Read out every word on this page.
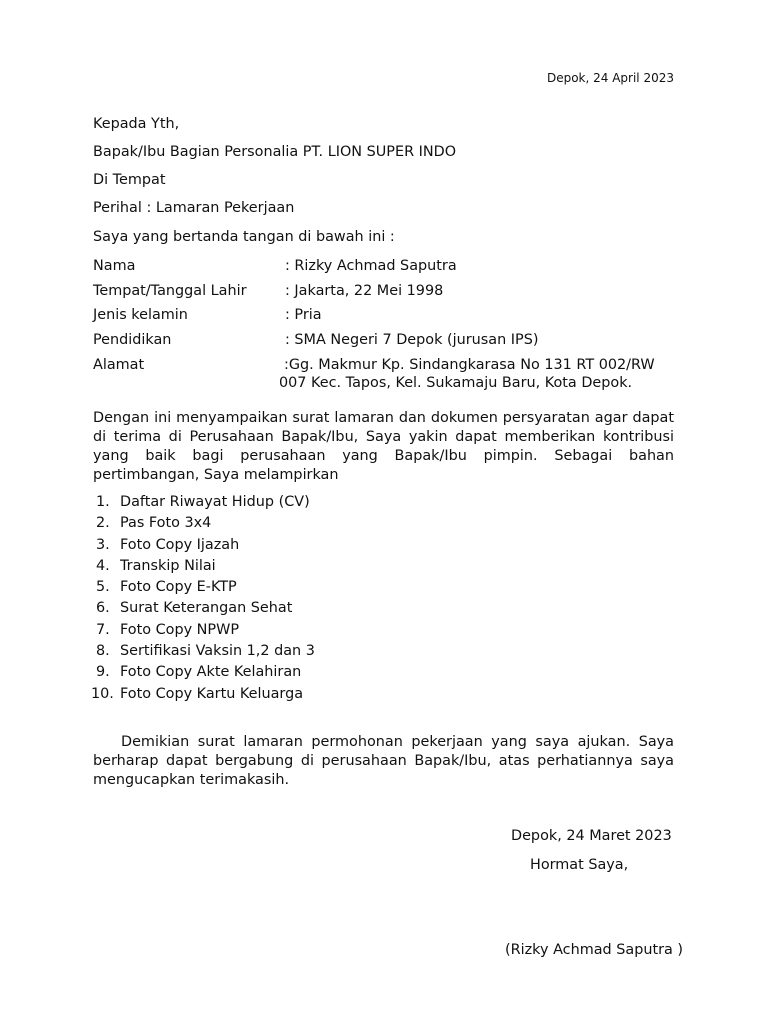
Depok, 24 April 2023
Kepada Yth,
Bapak/Ibu Bagian Personalia PT. LION SUPER INDO
Di Tempat
Perihal : Lamaran Pekerjaan
Saya yang bertanda tangan di bawah ini :
Nama	: Rizky Achmad Saputra
Tempat/Tanggal Lahir	: Jakarta, 22 Mei 1998
Jenis kelamin	: Pria
Pendidikan	: SMA Negeri 7 Depok (jurusan IPS)
Alamat	:Gg. Makmur Kp. Sindangkarasa No 131 RT 002/RW
007 Kec. Tapos, Kel. Sukamaju Baru, Kota Depok.
Dengan ini menyampaikan surat lamaran dan dokumen persyaratan agar dapat di terima di Perusahaan Bapak/Ibu, Saya yakin dapat memberikan kontribusi yang baik bagi perusahaan yang Bapak/Ibu pimpin. Sebagai bahan pertimbangan, Saya melampirkan
1. Daftar Riwayat Hidup (CV)
2. Pas Foto 3x4
3. Foto Copy Ijazah
4. Transkip Nilai
5. Foto Copy E-KTP
6. Surat Keterangan Sehat
7. Foto Copy NPWP
8. Sertifikasi Vaksin 1,2 dan 3
9. Foto Copy Akte Kelahiran
10. Foto Copy Kartu Keluarga
Demikian surat lamaran permohonan pekerjaan yang saya ajukan. Saya berharap dapat bergabung di perusahaan Bapak/Ibu, atas perhatiannya saya mengucapkan terimakasih.
Depok, 24 Maret 2023
Hormat Saya,
(Rizky Achmad Saputra )
